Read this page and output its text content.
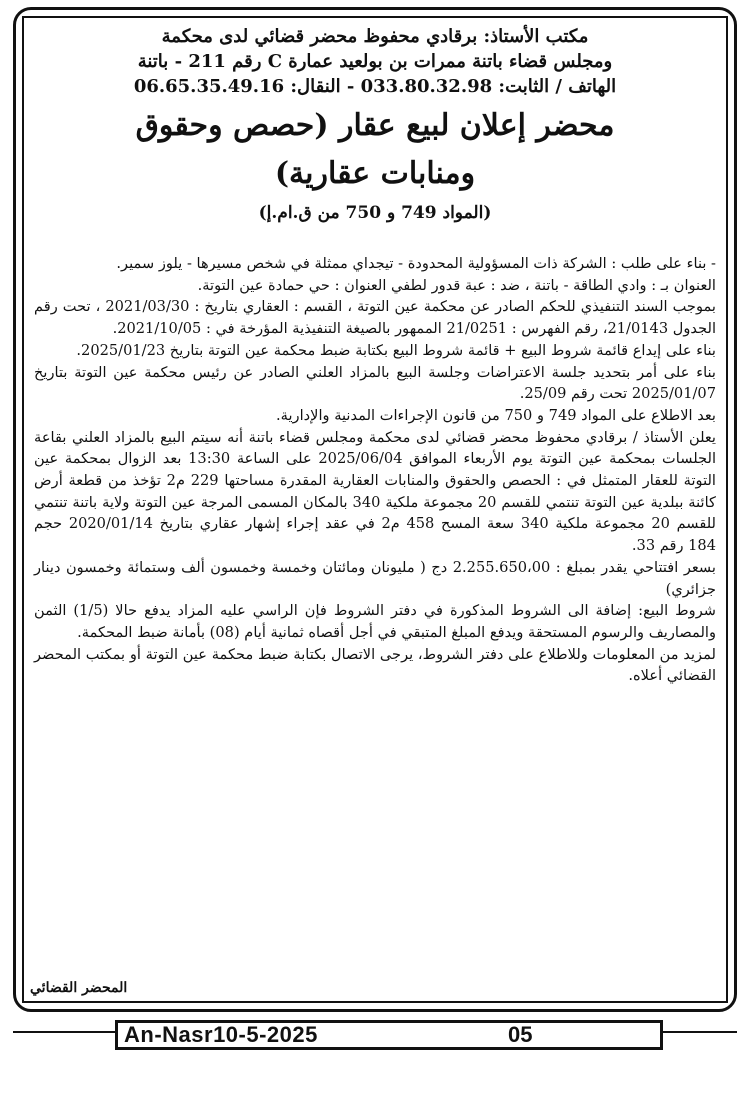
مكتب الأستاذ: برقادي محفوظ محضر قضائي لدى محكمة
ومجلس قضاء باتنة ممرات بن بولعيد عمارة C رقم 211 - باتنة
الهاتف / الثابت: 033.80.32.98 - النقال: 06.65.35.49.16
محضر إعلان لبيع عقار (حصص وحقوق
ومنابات عقارية)
(المواد 749 و 750 من ق.ام.إ)

- بناء على طلب : الشركة ذات المسؤولية المحدودة - تيجداي ممثلة في شخص مسيرها - يلوز سمير.

العنوان بـ : وادي الطاقة - باتنة ، ضد : عبة قدور لطفي العنوان : حي حمادة عين التوتة.

بموجب السند التنفيذي للحكم الصادر عن محكمة عين التوتة ، القسم : العقاري بتاريخ : 2021/03/30 ، تحت رقم الجدول 21/0143، رقم الفهرس : 21/0251 الممهور بالصيغة التنفيذية المؤرخة في : 2021/10/05.

بناء على إيداع قائمة شروط البيع + قائمة شروط البيع بكتابة ضبط محكمة عين التوتة بتاريخ 2025/01/23.

بناء على أمر بتحديد جلسة الاعتراضات وجلسة البيع بالمزاد العلني الصادر عن رئيس محكمة عين التوتة بتاريخ 2025/01/07 تحت رقم 25/09.

بعد الاطلاع على المواد 749 و 750 من قانون الإجراءات المدنية والإدارية.

يعلن الأستاذ / برقادي محفوظ محضر قضائي لدى محكمة ومجلس قضاء باتنة أنه سيتم البيع بالمزاد العلني بقاعة الجلسات بمحكمة عين التوتة يوم الأربعاء الموافق 2025/06/04 على الساعة 13:30 بعد الزوال بمحكمة عين التوتة للعقار المتمثل في : الحصص والحقوق والمنابات العقارية المقدرة مساحتها 229 م2 تؤخذ من قطعة أرض كائنة ببلدية عين التوتة تنتمي للقسم 20 مجموعة ملكية 340 بالمكان المسمى المرجة عين التوتة ولاية باتنة تنتمي للقسم 20 مجموعة ملكية 340 سعة المسح 458 م2 في عقد إجراء إشهار عقاري بتاريخ 2020/01/14 حجم 184 رقم 33.

بسعر افتتاحي يقدر بمبلغ : 2.255.650،00 دج ( مليونان ومائتان وخمسة وخمسون ألف وستمائة وخمسون دينار جزائري)

شروط البيع: إضافة الى الشروط المذكورة في دفتر الشروط فإن الراسي عليه المزاد يدفع حالا (1/5) الثمن والمصاريف والرسوم المستحقة ويدفع المبلغ المتبقي في أجل أقصاه ثمانية أيام (08) بأمانة ضبط المحكمة.

لمزيد من المعلومات وللاطلاع على دفتر الشروط، يرجى الاتصال بكتابة ضبط محكمة عين التوتة أو بمكتب المحضر القضائي أعلاه.

المحضر القضائي
An-Nasr10-5-2025	05
